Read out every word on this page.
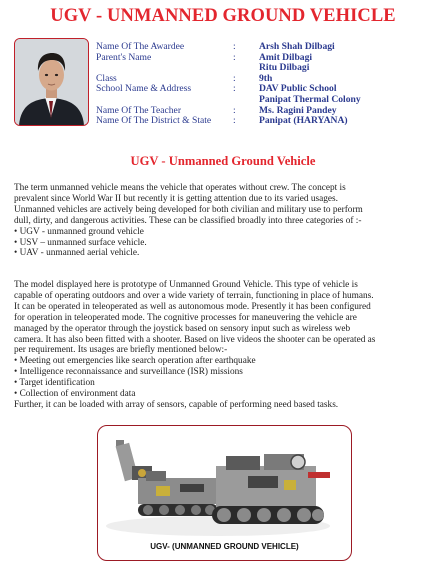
UGV - UNMANNED GROUND VEHICLE
Name Of The Awardee	:	Arsh Shah Dilbagi
Parent's Name	:	Amit Dilbagi
Ritu Dilbagi
Class	:	9th
School Name & Address	:	DAV Public School
Panipat Thermal Colony
Name Of The Teacher	:	Ms. Ragini Pandey
Name Of The District & State	:	Panipat (HARYANA)
UGV - Unmanned Ground Vehicle

The term unmanned vehicle means the vehicle that operates without crew. The concept is

prevalent since World War II but recently it is getting attention due to its varied usages.

Unmanned vehicles are actively being developed for both civilian and military use to perform

dull, dirty, and dangerous activities. These can be classified broadly into three categories of :-

• UGV - unmanned ground vehicle

• USV – unmanned surface vehicle.

• UAV - unmanned aerial vehicle.

The model displayed here is prototype of Unmanned Ground Vehicle. This type of vehicle is

capable of operating outdoors and over a wide variety of terrain, functioning in place of humans.

It can be operated in teleoperated as well as autonomous mode. Presently it has been configured

for operation in teleoperated mode. The cognitive processes for maneuvering the vehicle are

managed by the operator through the joystick based on sensory input such as wireless web

camera. It has also been fitted with a shooter. Based on live videos the shooter can be operated as

per requirement. Its usages are briefly mentioned below:-

• Meeting out emergencies like search operation after earthquake

• Intelligence reconnaissance and surveillance (ISR) missions

• Target identification

• Collection of environment data

Further, it can be loaded with array of sensors, capable of performing need based tasks.

UGV- (UNMANNED GROUND VEHICLE)
